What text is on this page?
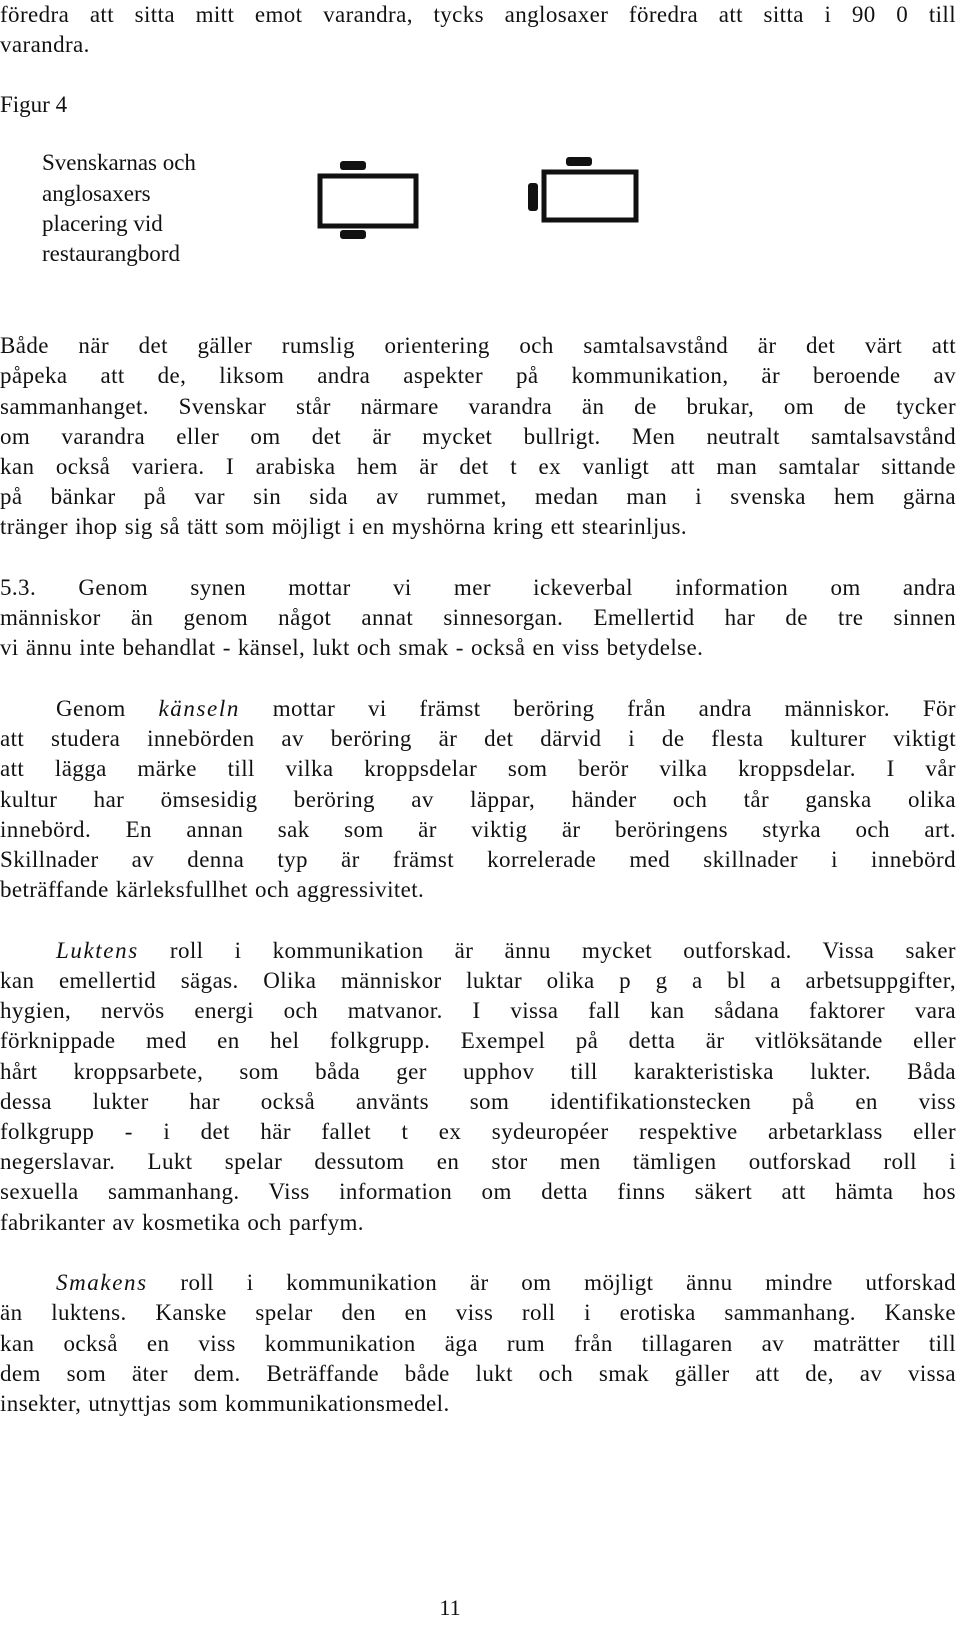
föredra att sitta mitt emot varandra, tycks anglosaxer föredra att sitta i 90 0 till
varandra.
Figur 4
Svenskarnas och
anglosaxers
placering vid
restaurangbord
Både när det gäller rumslig orientering och samtalsavstånd är det värt att
påpeka att de, liksom andra aspekter på kommunikation, är beroende av
sammanhanget. Svenskar står närmare varandra än de brukar, om de tycker
om varandra eller om det är mycket bullrigt. Men neutralt samtalsavstånd
kan också variera. I arabiska hem är det t ex vanligt att man samtalar sittande
på bänkar på var sin sida av rummet, medan man i svenska hem gärna
tränger ihop sig så tätt som möjligt i en myshörna kring ett stearinljus.
5.3. Genom synen mottar vi mer ickeverbal information om andra
människor än genom något annat sinnesorgan. Emellertid har de tre sinnen
vi ännu inte behandlat - känsel, lukt och smak - också en viss betydelse.
Genom känseln mottar vi främst beröring från andra människor. För
att studera innebörden av beröring är det därvid i de flesta kulturer viktigt
att lägga märke till vilka kroppsdelar som berör vilka kroppsdelar. I vår
kultur har ömsesidig beröring av läppar, händer och tår ganska olika
innebörd. En annan sak som är viktig är beröringens styrka och art.
Skillnader av denna typ är främst korrelerade med skillnader i innebörd
beträffande kärleksfullhet och aggressivitet.
Luktens roll i kommunikation är ännu mycket outforskad. Vissa saker
kan emellertid sägas. Olika människor luktar olika p g a bl a arbetsuppgifter,
hygien, nervös energi och matvanor. I vissa fall kan sådana faktorer vara
förknippade med en hel folkgrupp. Exempel på detta är vitlöksätande eller
hårt kroppsarbete, som båda ger upphov till karakteristiska lukter. Båda
dessa lukter har också använts som identifikationstecken på en viss
folkgrupp - i det här fallet t ex sydeuropéer respektive arbetarklass eller
negerslavar. Lukt spelar dessutom en stor men tämligen outforskad roll i
sexuella sammanhang. Viss information om detta finns säkert att hämta hos
fabrikanter av kosmetika och parfym.
Smakens roll i kommunikation är om möjligt ännu mindre utforskad
än luktens. Kanske spelar den en viss roll i erotiska sammanhang. Kanske
kan också en viss kommunikation äga rum från tillagaren av maträtter till
dem som äter dem. Beträffande både lukt och smak gäller att de, av vissa
insekter, utnyttjas som kommunikationsmedel.
11
